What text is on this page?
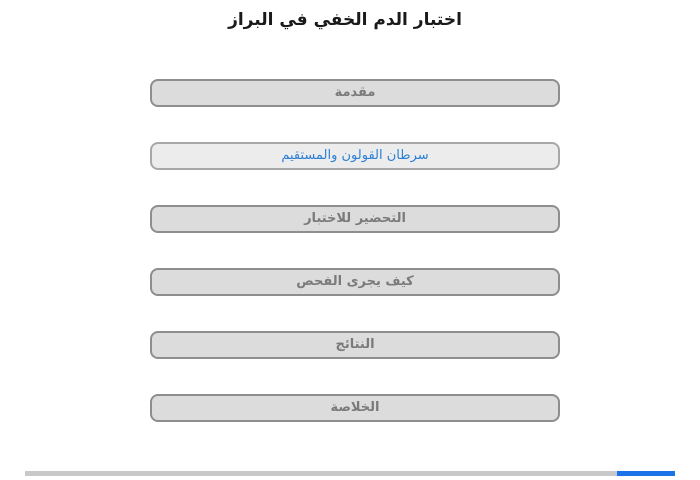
اختبار الدم الخفي في البراز
مقدمة
سرطان القولون والمستقيم
التحضير للاختبار
كيف يجرى الفحص
النتائج
الخلاصة
